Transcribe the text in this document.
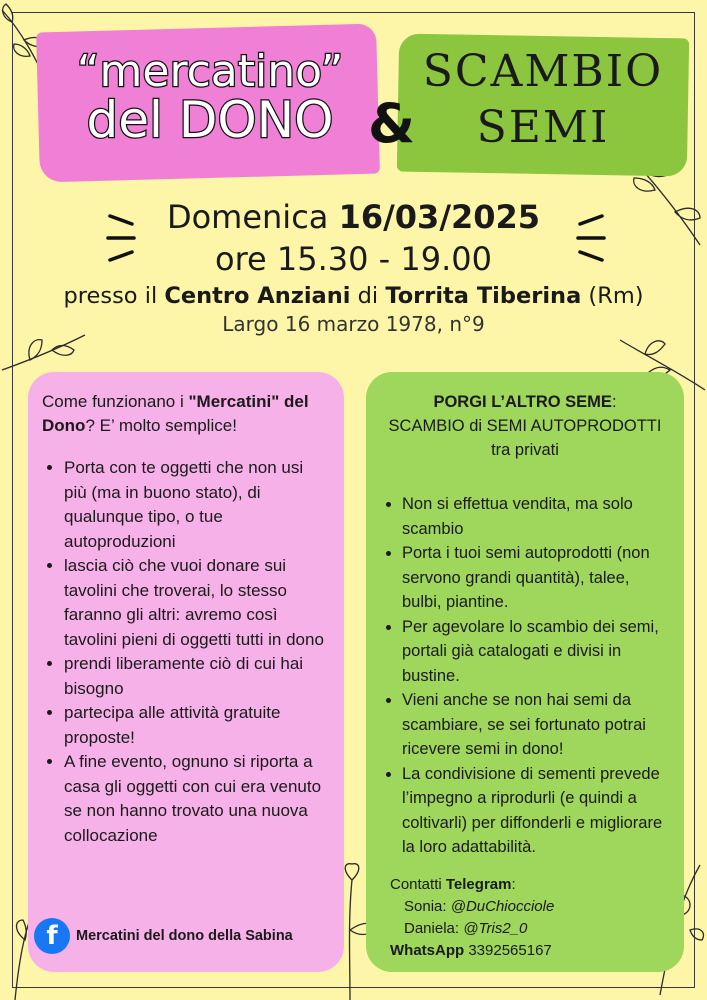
“mercatino”
del DONO &
SCAMBIO
SEMI
Domenica 16/03/2025
ore 15.30 - 19.00
presso il Centro Anziani di Torrita Tiberina (Rm)
Largo 16 marzo 1978, n°9

Come funzionano i "Mercatini" del Dono? E’ molto semplice!

• Porta con te oggetti che non usi più (ma in buono stato), di qualunque tipo, o tue autoproduzioni
• lascia ciò che vuoi donare sui tavolini che troverai, lo stesso faranno gli altri: avremo così tavolini pieni di oggetti tutti in dono
• prendi liberamente ciò di cui hai bisogno
• partecipa alle attività gratuite proposte!
• A fine evento, ognuno si riporta a casa gli oggetti con cui era venuto se non hanno trovato una nuova collocazione
f	Mercatini del dono della Sabina
PORGI L’ALTRO SEME:
SCAMBIO di SEMI AUTOPRODOTTI
tra privati
• Non si effettua vendita, ma solo scambio
• Porta i tuoi semi autoprodotti (non servono grandi quantità), talee, bulbi, piantine.
• Per agevolare lo scambio dei semi, portali già catalogati e divisi in bustine.
• Vieni anche se non hai semi da scambiare, se sei fortunato potrai ricevere semi in dono!
• La condivisione di sementi prevede l’impegno a riprodurli (e quindi a coltivarli) per diffonderli e migliorare la loro adattabilità.
Contatti Telegram:
Sonia: @DuChiocciole
Daniela: @Tris2_0
WhatsApp 3392565167
